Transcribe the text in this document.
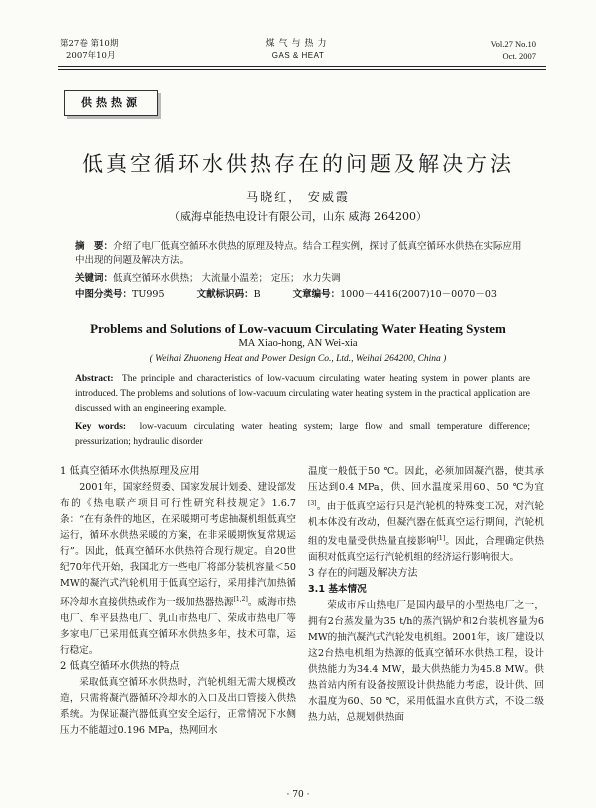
第27卷 第10期
2007年10月
煤气与热力
GAS & HEAT
Vol.27 No.10
Oct. 2007
供热热源
低真空循环水供热存在的问题及解决方法
马晓红， 安威霞
（威海卓能热电设计有限公司，山东 威海 264200）
摘　要：介绍了电厂低真空循环水供热的原理及特点。结合工程实例，探讨了低真空循环水供热在实际应用中出现的问题及解决方法。
关键词：低真空循环水供热； 大流量小温差； 定压； 水力失调
中图分类号：TU995	文献标识码：B	文章编号：1000－4416(2007)10－0070－03
Problems and Solutions of Low-vacuum Circulating Water Heating System
MA Xiao-hong, AN Wei-xia
( Weihai Zhuoneng Heat and Power Design Co., Ltd., Weihai 264200, China )
Abstract: The principle and characteristics of low-vacuum circulating water heating system in power plants are introduced. The problems and solutions of low-vacuum circulating water heating system in the practical application are discussed with an engineering example.
Key words: low-vacuum circulating water heating system; large flow and small temperature difference; pressurization; hydraulic disorder
1 低真空循环水供热原理及应用

2001年，国家经贸委、国家发展计划委、建设部发布的《热电联产项目可行性研究科技规定》1.6.7条：“在有条件的地区，在采暖期可考虑抽凝机组低真空运行，循环水供热采暖的方案，在非采暖期恢复常规运行”。因此，低真空循环水供热符合现行规定。自20世纪70年代开始，我国北方一些电厂将部分装机容量＜50 MW的凝汽式汽轮机用于低真空运行，采用排汽加热循环冷却水直接供热或作为一级加热器热源[1,2]。威海市热电厂、牟平县热电厂、乳山市热电厂、荣成市热电厂等多家电厂已采用低真空循环水供热多年，技术可靠，运行稳定。

2 低真空循环水供热的特点

采取低真空循环水供热时，汽轮机组无需大规模改造，只需将凝汽器循环冷却水的入口及出口管接入供热系统。为保证凝汽器低真空安全运行，正常情况下水侧压力不能超过0.196 MPa，热网回水

温度一般低于50 ℃。因此，必须加固凝汽器，使其承压达到0.4 MPa，供、回水温度采用60、50 ℃为宜[3]。由于低真空运行只是汽轮机的特殊变工况，对汽轮机本体没有改动，但凝汽器在低真空运行期间，汽轮机组的发电量受供热量直接影响[1]。因此，合理确定供热面积对低真空运行汽轮机组的经济运行影响很大。

3 存在的问题及解决方法
3.1 基本情况

荣成市斥山热电厂是国内最早的小型热电厂之一，拥有2台蒸发量为35 t/h的蒸汽锅炉和2台装机容量为6 MW的抽汽凝汽式汽轮发电机组。2001年，该厂建设以这2台热电机组为热源的低真空循环水供热工程，设计供热能力为34.4 MW，最大供热能力为45.8 MW。供热首站内所有设备按照设计供热能力考虑，设计供、回水温度为60、50 ℃，采用低温水直供方式，不设二级热力站，总规划供热面

· 70 ·
